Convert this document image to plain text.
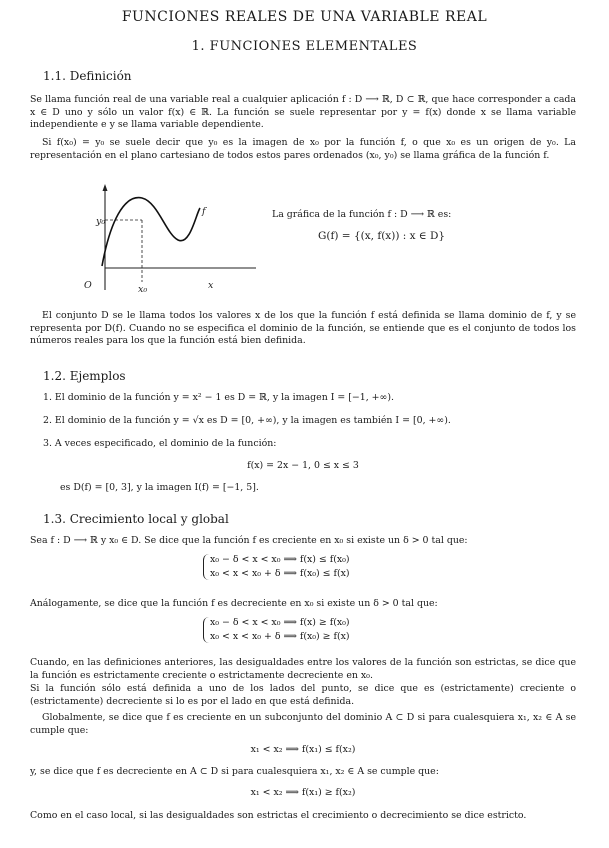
FUNCIONES REALES DE UNA VARIABLE REAL
1. FUNCIONES ELEMENTALES
1.1. Definición
Se llama función real de una variable real a cualquier aplicación f : D ⟶ ℝ, D ⊂ ℝ, que hace corresponder a cada x ∈ D uno y sólo un valor f(x) ∈ ℝ. La función se suele representar por y = f(x) donde x se llama variable independiente e y se llama variable dependiente.
Si f(x₀) = y₀ se suele decir que y₀ es la imagen de x₀ por la función f, o que x₀ es un origen de y₀. La representación en el plano cartesiano de todos estos pares ordenados (x₀, y₀) se llama gráfica de la función f.
y₀
f
O	x₀	x
La gráfica de la función f : D ⟶ ℝ es:
G(f) = {(x, f(x)) : x ∈ D}
El conjunto D se le llama todos los valores x de los que la función f está definida se llama dominio de f, y se representa por D(f). Cuando no se especifica el dominio de la función, se entiende que es el conjunto de todos los números reales para los que la función está bien definida.
1.2. Ejemplos
1. El dominio de la función y = x² − 1 es D = ℝ, y la imagen I = [−1, +∞).
2. El dominio de la función y = √x es D = [0, +∞), y la imagen es también I = [0, +∞).
3. A veces especificado, el dominio de la función:
f(x) = 2x − 1, 0 ≤ x ≤ 3
es D(f) = [0, 3], y la imagen I(f) = [−1, 5].
1.3. Crecimiento local y global
Sea f : D ⟶ ℝ y x₀ ∈ D. Se dice que la función f es creciente en x₀ si existe un δ > 0 tal que:
x₀ − δ < x < x₀ ⟹ f(x) ≤ f(x₀)
x₀ < x < x₀ + δ ⟹ f(x₀) ≤ f(x)
Análogamente, se dice que la función f es decreciente en x₀ si existe un δ > 0 tal que:
x₀ − δ < x < x₀ ⟹ f(x) ≥ f(x₀)
x₀ < x < x₀ + δ ⟹ f(x₀) ≥ f(x)
Cuando, en las definiciones anteriores, las desigualdades entre los valores de la función son estrictas, se dice que la función es estrictamente creciente o estrictamente decreciente en x₀.
Si la función sólo está definida a uno de los lados del punto, se dice que es (estrictamente) creciente o (estrictamente) decreciente si lo es por el lado en que está definida.
Globalmente, se dice que f es creciente en un subconjunto del dominio A ⊂ D si para cualesquiera x₁, x₂ ∈ A se cumple que:
x₁ < x₂ ⟹ f(x₁) ≤ f(x₂)
y, se dice que f es decreciente en A ⊂ D si para cualesquiera x₁, x₂ ∈ A se cumple que:
x₁ < x₂ ⟹ f(x₁) ≥ f(x₂)
Como en el caso local, si las desigualdades son estrictas el crecimiento o decrecimiento se dice estricto.
